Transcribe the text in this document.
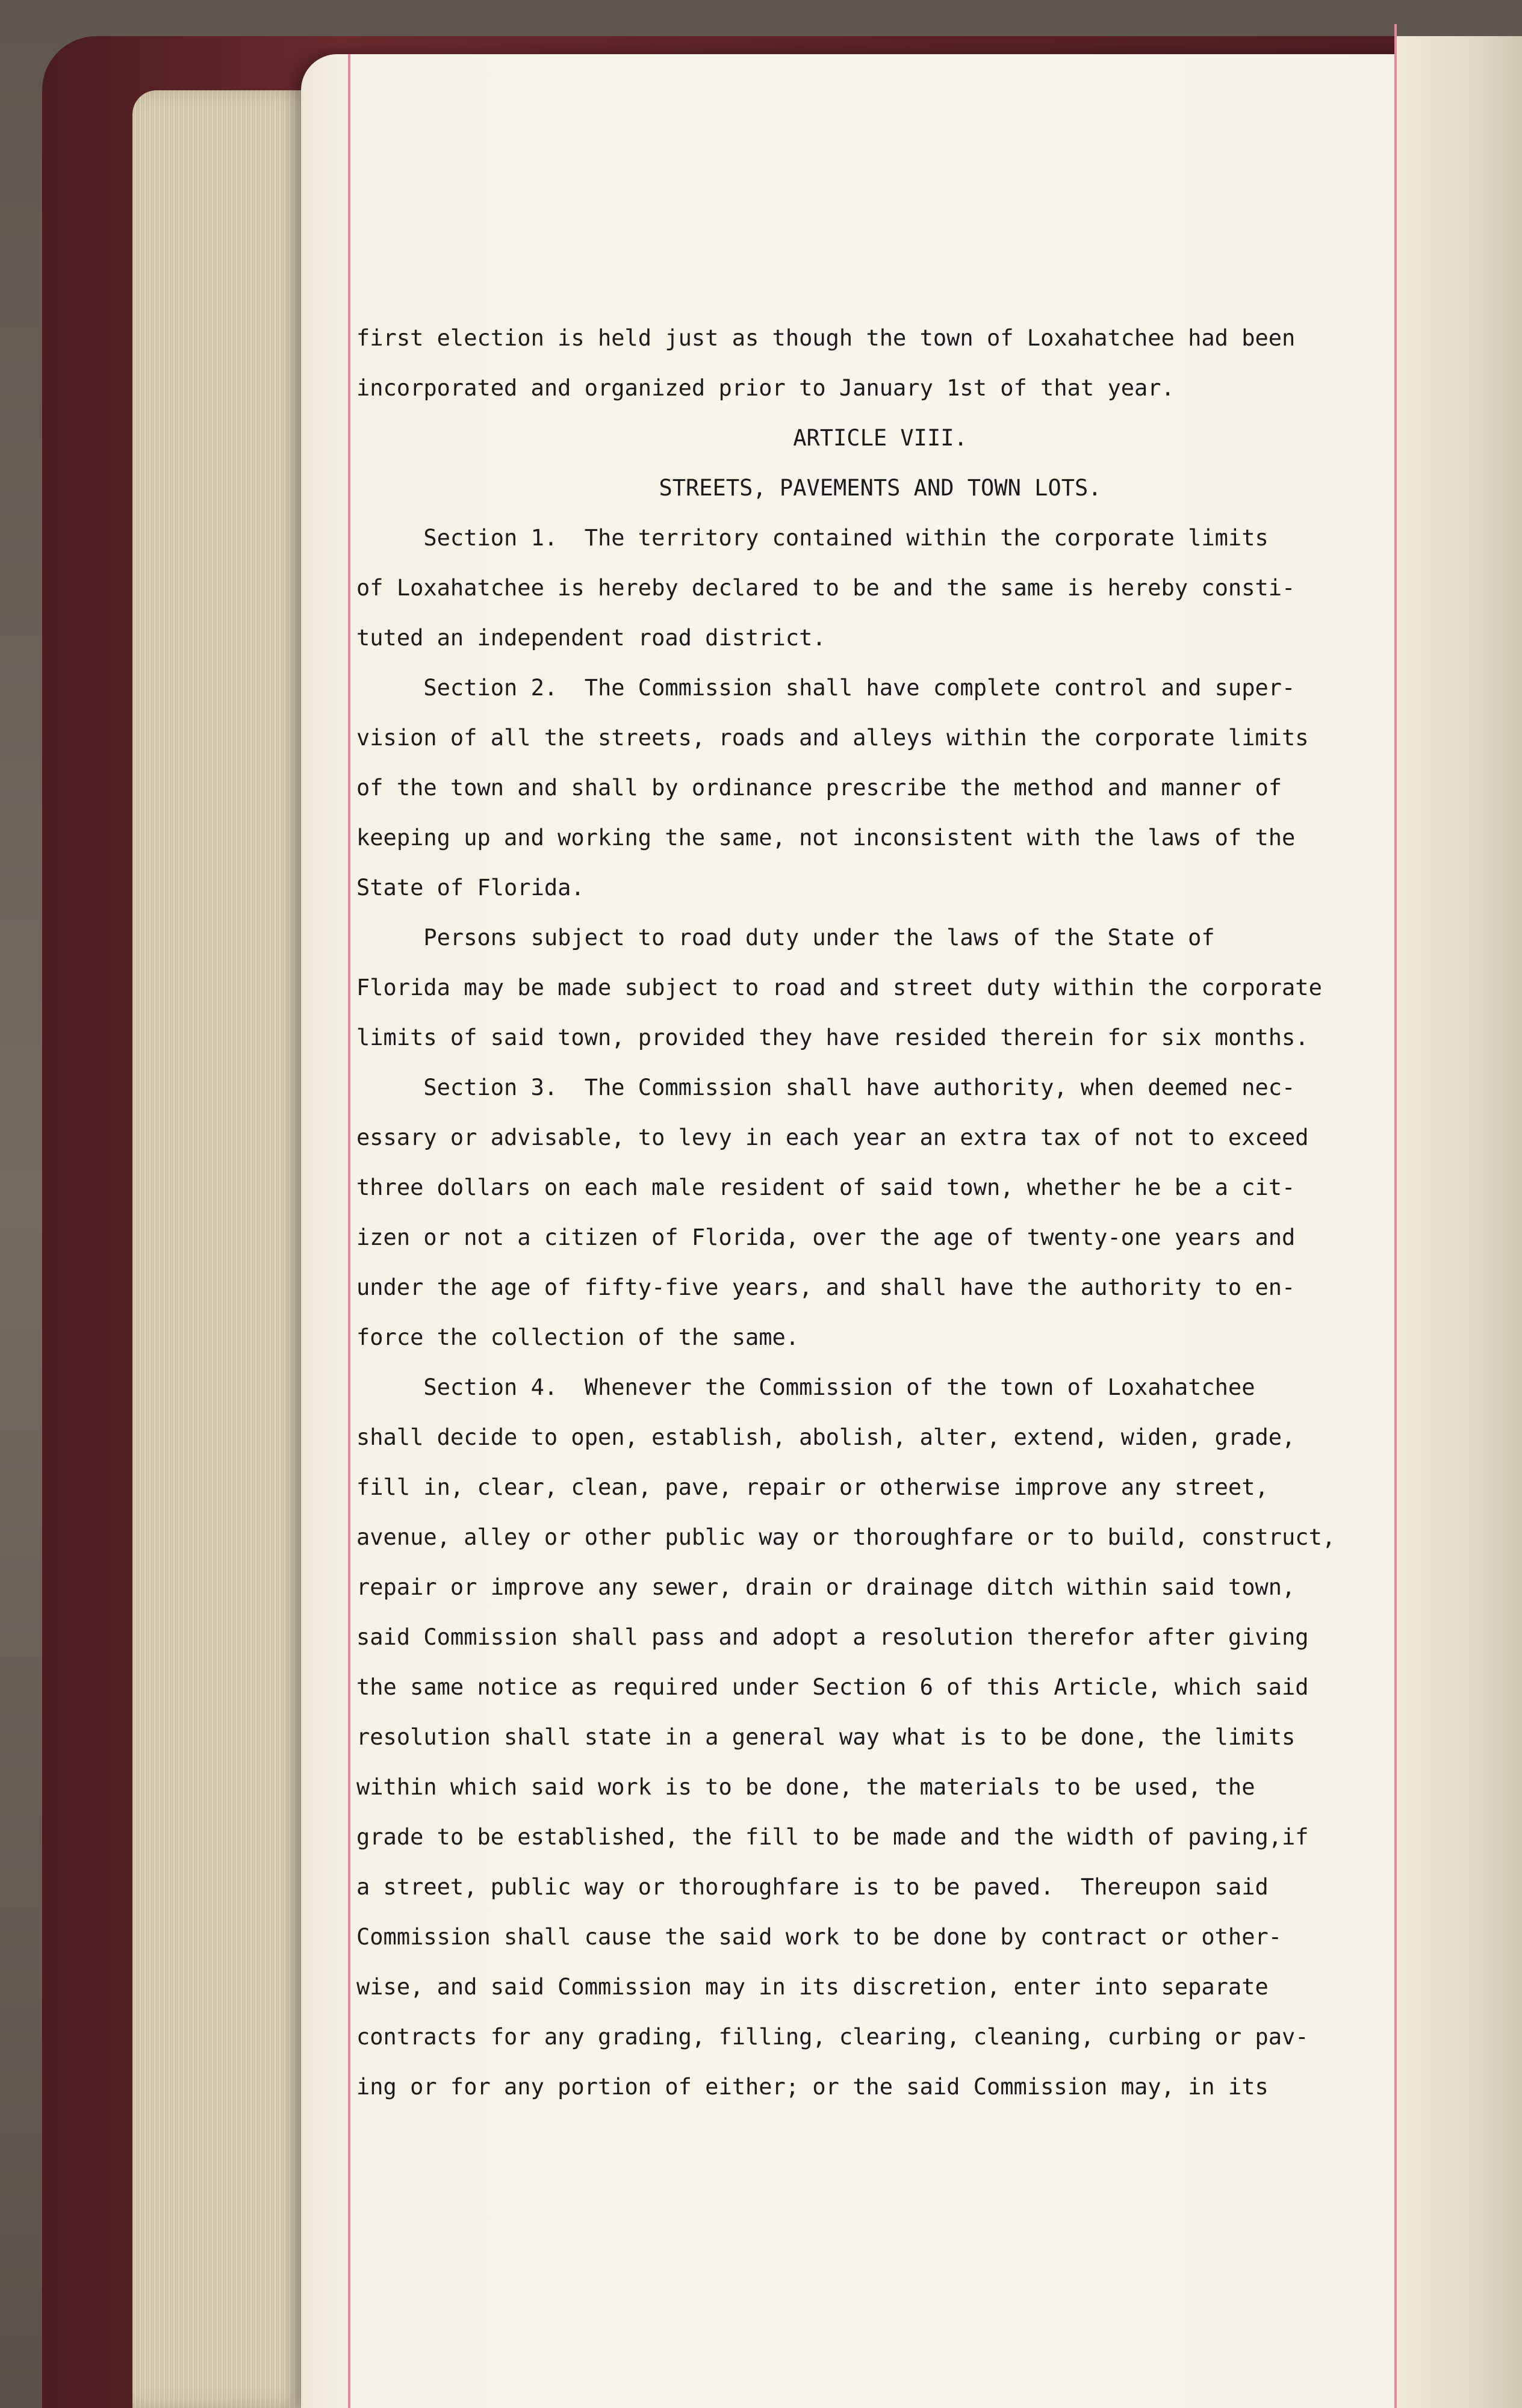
first election is held just as though the town of Loxahatchee had been
incorporated and organized prior to January 1st of that year.
ARTICLE VIII.
STREETS, PAVEMENTS AND TOWN LOTS.
Section 1.  The territory contained within the corporate limits
of Loxahatchee is hereby declared to be and the same is hereby consti-
tuted an independent road district.
Section 2.  The Commission shall have complete control and super-
vision of all the streets, roads and alleys within the corporate limits
of the town and shall by ordinance prescribe the method and manner of
keeping up and working the same, not inconsistent with the laws of the
State of Florida.
Persons subject to road duty under the laws of the State of
Florida may be made subject to road and street duty within the corporate
limits of said town, provided they have resided therein for six months.
Section 3.  The Commission shall have authority, when deemed nec-
essary or advisable, to levy in each year an extra tax of not to exceed
three dollars on each male resident of said town, whether he be a cit-
izen or not a citizen of Florida, over the age of twenty-one years and
under the age of fifty-five years, and shall have the authority to en-
force the collection of the same.
Section 4.  Whenever the Commission of the town of Loxahatchee
shall decide to open, establish, abolish, alter, extend, widen, grade,
fill in, clear, clean, pave, repair or otherwise improve any street,
avenue, alley or other public way or thoroughfare or to build, construct,
repair or improve any sewer, drain or drainage ditch within said town,
said Commission shall pass and adopt a resolution therefor after giving
the same notice as required under Section 6 of this Article, which said
resolution shall state in a general way what is to be done, the limits
within which said work is to be done, the materials to be used, the
grade to be established, the fill to be made and the width of paving,if
a street, public way or thoroughfare is to be paved.  Thereupon said
Commission shall cause the said work to be done by contract or other-
wise, and said Commission may in its discretion, enter into separate
contracts for any grading, filling, clearing, cleaning, curbing or pav-
ing or for any portion of either; or the said Commission may, in its
